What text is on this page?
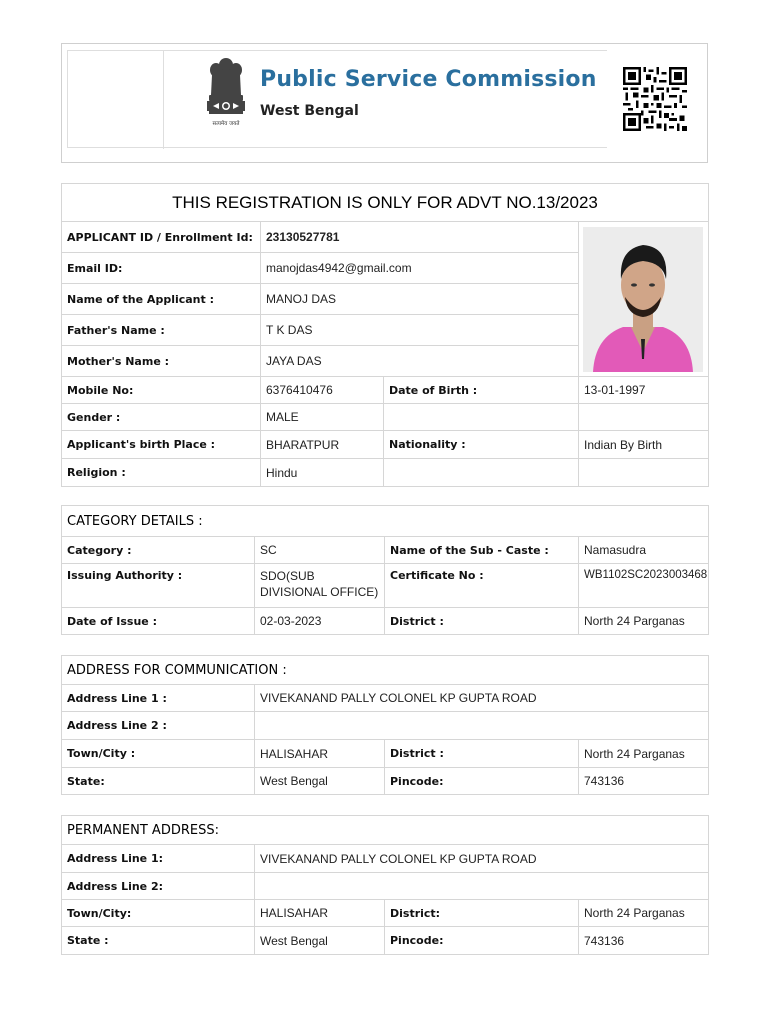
सत्यमेव जयते
Public Service Commission
West Bengal
THIS REGISTRATION IS ONLY FOR ADVT NO.13/2023			
APPLICANT ID / Enrollment Id:	23130527781	

Email ID:	manojdas4942@gmail.com		
Name of the Applicant :	MANOJ DAS		
Father's Name :	T K DAS		
Mother's Name :	JAYA DAS		
Mobile No:	6376410476	Date of Birth :	13-01-1997
Gender :	MALE		
Applicant's birth Place :	BHARATPUR	Nationality :	Indian By Birth
Religion :	Hindu		
CATEGORY DETAILS :			
Category :	SC	Name of the Sub - Caste :	Namasudra
Issuing Authority :	SDO(SUB DIVISIONAL OFFICE)	Certificate No :	WB1102SC2023003468
Date of Issue :	02-03-2023	District :	North 24 Parganas
ADDRESS FOR COMMUNICATION :			
Address Line 1 :	VIVEKANAND PALLY COLONEL KP GUPTA ROAD		
Address Line 2 :			
Town/City :	HALISAHAR	District :	North 24 Parganas
State:	West Bengal	Pincode:	743136
PERMANENT ADDRESS:			
Address Line 1:	VIVEKANAND PALLY COLONEL KP GUPTA ROAD		
Address Line 2:			
Town/City:	HALISAHAR	District:	North 24 Parganas
State :	West Bengal	Pincode:	743136
